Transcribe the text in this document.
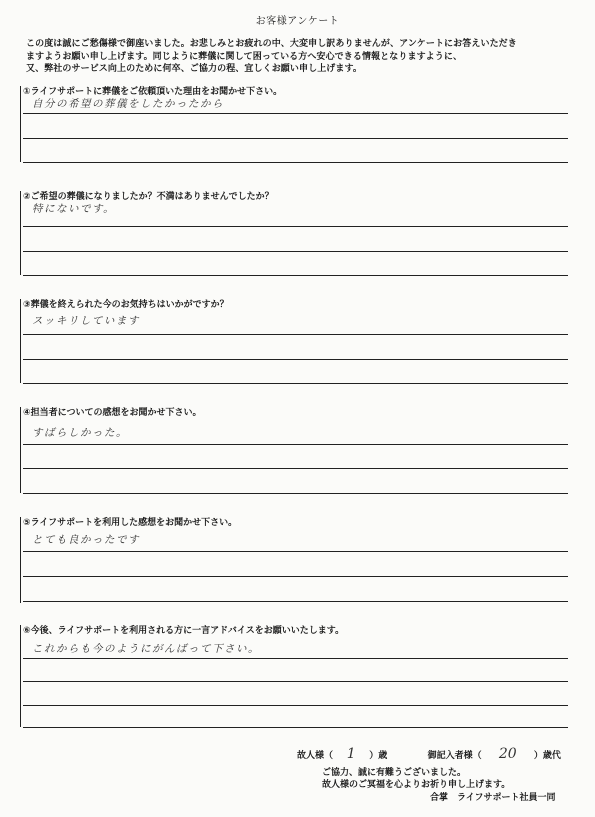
お客様アンケート
この度は誠にご愁傷様で御座いました。お悲しみとお疲れの中、大変申し訳ありませんが、アンケートにお答えいただき
ますようお願い申し上げます。同じように葬儀に関して困っている方へ安心できる情報となりますように、
又、弊社のサービス向上のために何卒、ご協力の程、宜しくお願い申し上げます。
①ライフサポートに葬儀をご依頼頂いた理由をお聞かせ下さい。
自分の希望の葬儀をしたかったから
②ご希望の葬儀になりましたか？不満はありませんでしたか？
特にないです。
③葬儀を終えられた今のお気持ちはいかがですか？
スッキリしています
④担当者についての感想をお聞かせ下さい。
すばらしかった。
⑤ライフサポートを利用した感想をお聞かせ下さい。
とても良かったです
⑥今後、ライフサポートを利用される方に一言アドバイスをお願いいたします。
これからも今のようにがんばって下さい。
故人様（ 1 ）歳	御記入者様（ 20 ）歳代
ご協力、誠に有難うございました。
故人様のご冥福を心よりお祈り申し上げます。
合掌　ライフサポート社員一同
